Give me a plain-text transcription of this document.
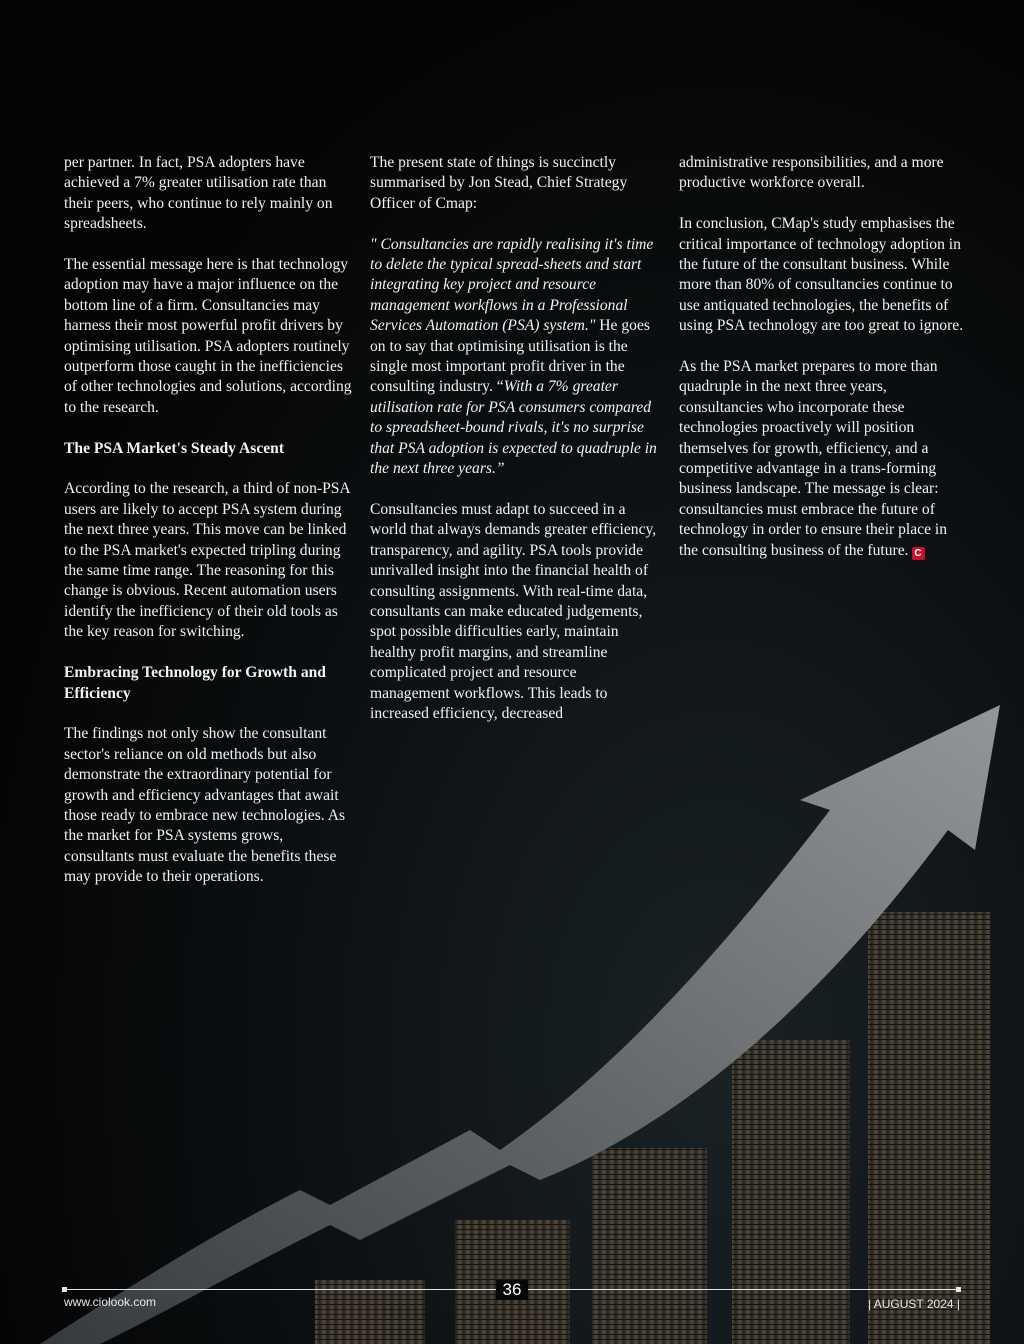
per partner. In fact, PSA adopters have achieved a 7% greater utilisation rate than their peers, who continue to rely mainly on spreadsheets.

The essential message here is that technology adoption may have a major influence on the bottom line of a firm. Consultancies may harness their most powerful profit drivers by optimising utilisation. PSA adopters routinely outperform those caught in the inefficiencies of other technologies and solutions, according to the research.

The PSA Market's Steady Ascent

According to the research, a third of non-PSA users are likely to accept PSA system during the next three years. This move can be linked to the PSA market's expected tripling during the same time range. The reasoning for this change is obvious. Recent automation users identify the inefficiency of their old tools as the key reason for switching.

Embracing Technology for Growth and Efficiency

The findings not only show the consultant sector's reliance on old methods but also demonstrate the extraordinary potential for growth and efficiency advantages that await those ready to embrace new technologies. As the market for PSA systems grows, consultants must evaluate the benefits these may provide to their operations.

The present state of things is succinctly summarised by Jon Stead, Chief Strategy Officer of Cmap:

" Consultancies are rapidly realising it's time to delete the typical spread-sheets and start integrating key project and resource management workflows in a Professional Services Automation (PSA) system." He goes on to say that optimising utilisation is the single most important profit driver in the consulting industry. “With a 7% greater utilisation rate for PSA consumers compared to spreadsheet-bound rivals, it's no surprise that PSA adoption is expected to quadruple in the next three years.”

Consultancies must adapt to succeed in a world that always demands greater efficiency, transparency, and agility. PSA tools provide unrivalled insight into the financial health of consulting assignments. With real-time data, consultants can make educated judgements, spot possible difficulties early, maintain healthy profit margins, and streamline complicated project and resource management workflows. This leads to increased efficiency, decreased

administrative responsibilities, and a more productive workforce overall.

In conclusion, CMap's study emphasises the critical importance of technology adoption in the future of the consultant business. While more than 80% of consultancies continue to use antiquated technologies, the benefits of using PSA technology are too great to ignore.

As the PSA market prepares to more than quadruple in the next three years, consultancies who incorporate these technologies proactively will position themselves for growth, efficiency, and a competitive advantage in a trans-forming business landscape. The message is clear: consultancies must embrace the future of technology in order to ensure their place in the consulting business of the future. C

36
www.ciolook.com	| AUGUST 2024 |
